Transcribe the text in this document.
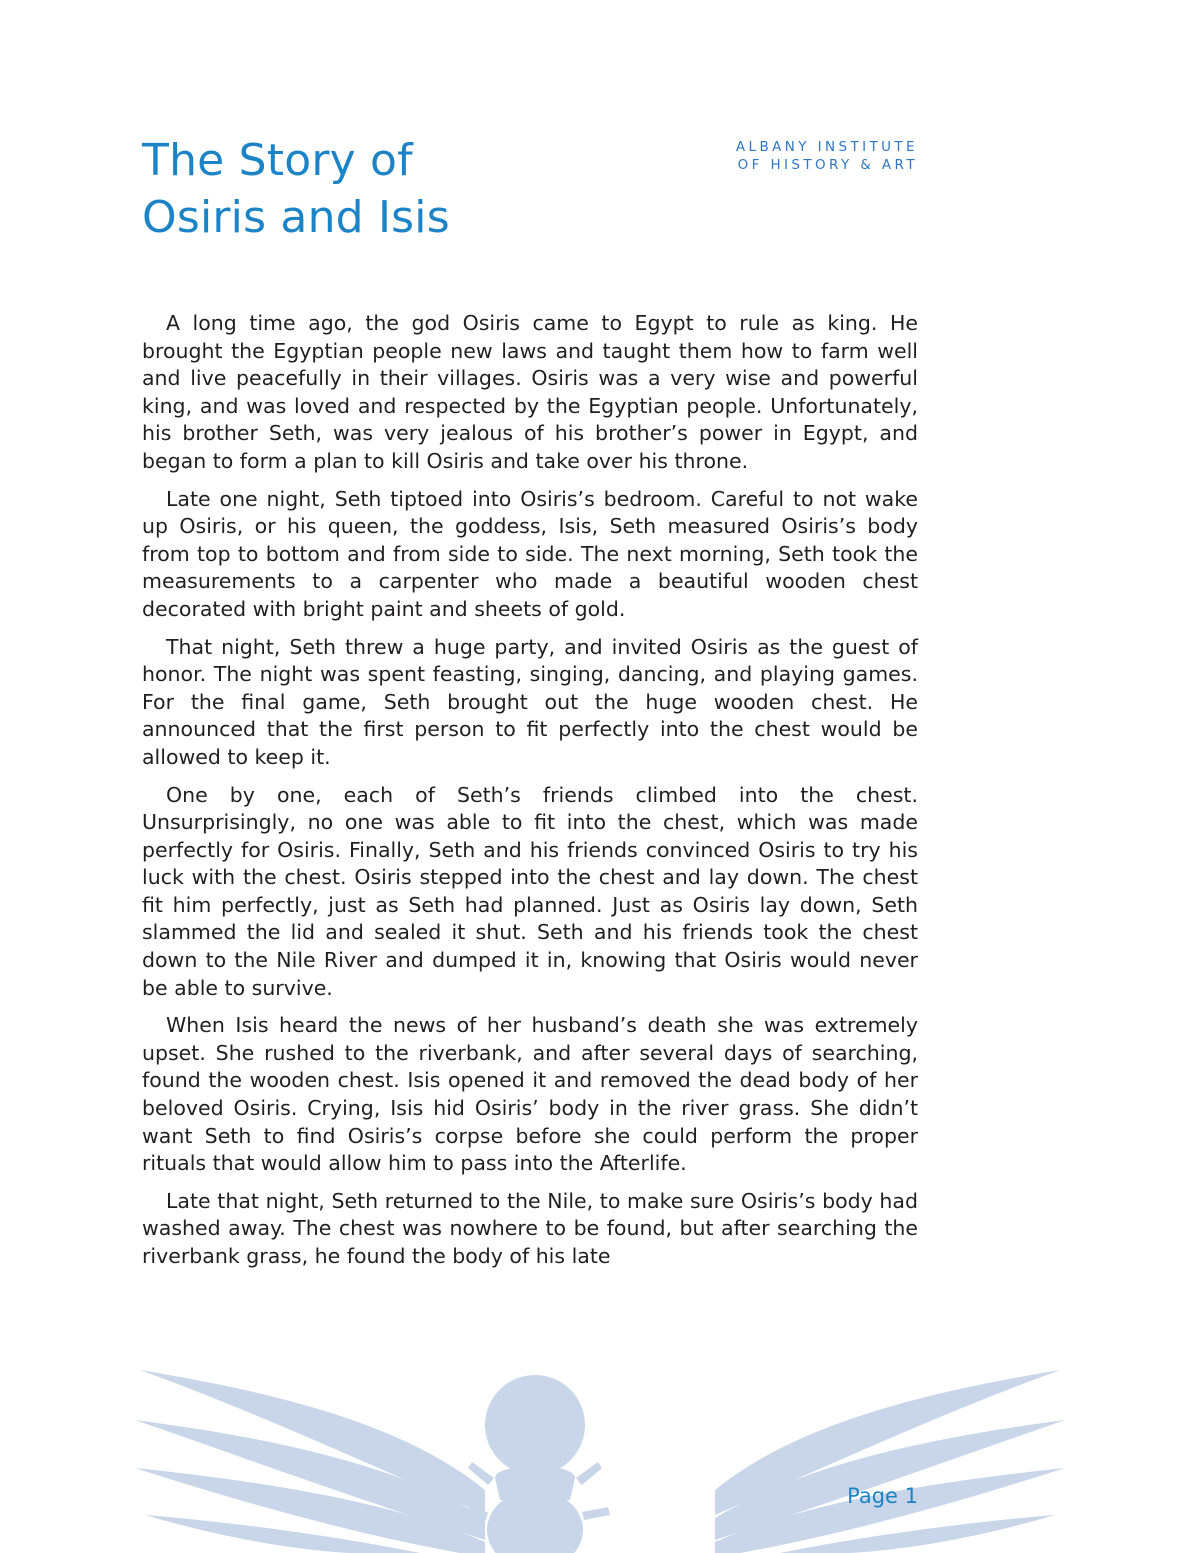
The Story of
Osiris and Isis
ALBANY INSTITUTE
OF HISTORY & ART

A long time ago, the god Osiris came to Egypt to rule as king. He brought the Egyptian people new laws and taught them how to farm well and live peacefully in their villages. Osiris was a very wise and powerful king, and was loved and respected by the Egyptian people. Unfortunately, his brother Seth, was very jealous of his brother’s power in Egypt, and began to form a plan to kill Osiris and take over his throne.

Late one night, Seth tiptoed into Osiris’s bedroom. Careful to not wake up Osiris, or his queen, the goddess, Isis, Seth measured Osiris’s body from top to bottom and from side to side. The next morning, Seth took the measurements to a carpenter who made a beautiful wooden chest decorated with bright paint and sheets of gold.

That night, Seth threw a huge party, and invited Osiris as the guest of honor. The night was spent feasting, singing, dancing, and playing games. For the final game, Seth brought out the huge wooden chest. He announced that the first person to fit perfectly into the chest would be allowed to keep it.

One by one, each of Seth’s friends climbed into the chest. Unsurprisingly, no one was able to fit into the chest, which was made perfectly for Osiris. Finally, Seth and his friends convinced Osiris to try his luck with the chest. Osiris stepped into the chest and lay down. The chest fit him perfectly, just as Seth had planned. Just as Osiris lay down, Seth slammed the lid and sealed it shut. Seth and his friends took the chest down to the Nile River and dumped it in, knowing that Osiris would never be able to survive.

When Isis heard the news of her husband’s death she was extremely upset. She rushed to the riverbank, and after several days of searching, found the wooden chest. Isis opened it and removed the dead body of her beloved Osiris. Crying, Isis hid Osiris’ body in the river grass. She didn’t want Seth to find Osiris’s corpse before she could perform the proper rituals that would allow him to pass into the Afterlife.

Late that night, Seth returned to the Nile, to make sure Osiris’s body had washed away. The chest was nowhere to be found, but after searching the riverbank grass, he found the body of his late

Page 1
